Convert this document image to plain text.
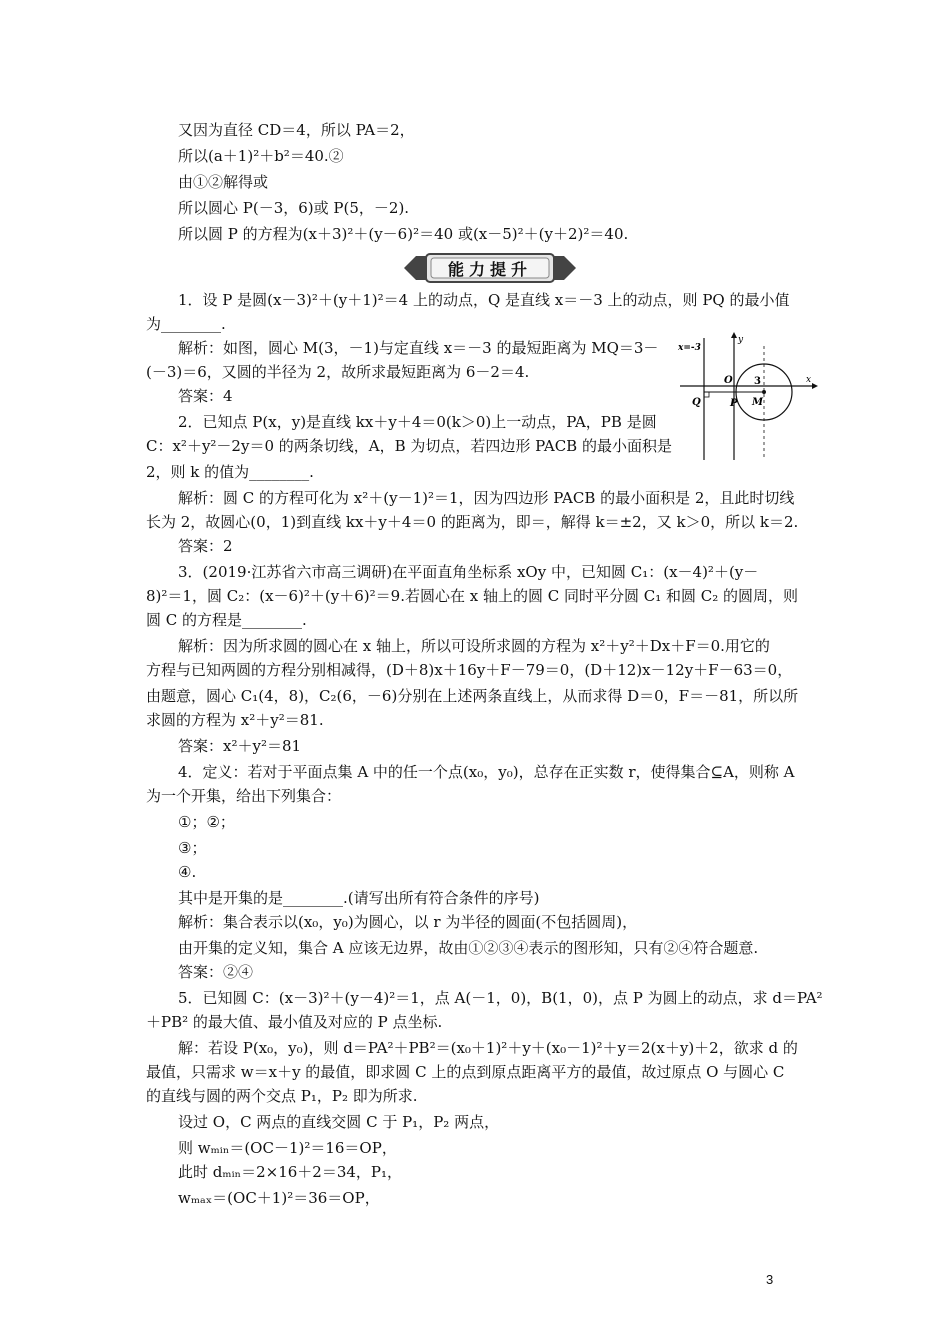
又因为直径 CD＝4，所以 PA＝2，
所以(a＋1)²＋b²＝40.②
由①②解得或
所以圆心 P(－3，6)或 P(5，－2).
所以圆 P 的方程为(x＋3)²＋(y－6)²＝40 或(x－5)²＋(y＋2)²＝40.
能力提升
1．设 P 是圆(x－3)²＋(y＋1)²＝4 上的动点，Q 是直线 x＝－3 上的动点，则 PQ 的最小值
为________.
解析：如图，圆心 M(3，－1)与定直线 x＝－3 的最短距离为 MQ＝3－
(－3)＝6，又圆的半径为 2，故所求最短距离为 6－2＝4.
答案：4
2．已知点 P(x，y)是直线 kx＋y＋4＝0(k＞0)上一动点，PA，PB 是圆
C：x²＋y²－2y＝0 的两条切线，A，B 为切点，若四边形 PACB 的最小面积是
2，则 k 的值为________.
x=-3
y
x
O
Q	P M
3
解析：圆 C 的方程可化为 x²＋(y－1)²＝1，因为四边形 PACB 的最小面积是 2，且此时切线
长为 2，故圆心(0，1)到直线 kx＋y＋4＝0 的距离为，即＝，解得 k＝±2，又 k＞0，所以 k＝2.
答案：2
3．(2019·江苏省六市高三调研)在平面直角坐标系 xOy 中，已知圆 C₁：(x－4)²＋(y－
8)²＝1，圆 C₂：(x－6)²＋(y＋6)²＝9.若圆心在 x 轴上的圆 C 同时平分圆 C₁ 和圆 C₂ 的圆周，则
圆 C 的方程是________.
解析：因为所求圆的圆心在 x 轴上，所以可设所求圆的方程为 x²＋y²＋Dx＋F＝0.用它的
方程与已知两圆的方程分别相减得，(D＋8)x＋16y＋F－79＝0，(D＋12)x－12y＋F－63＝0，
由题意，圆心 C₁(4，8)，C₂(6，－6)分别在上述两条直线上，从而求得 D＝0，F＝－81，所以所
求圆的方程为 x²＋y²＝81.
答案：x²＋y²＝81
4．定义：若对于平面点集 A 中的任一个点(x₀，y₀)，总存在正实数 r，使得集合⊆A，则称 A
为一个开集，给出下列集合：
①；②；
③；
④.
其中是开集的是________.(请写出所有符合条件的序号)
解析：集合表示以(x₀，y₀)为圆心，以 r 为半径的圆面(不包括圆周)，
由开集的定义知，集合 A 应该无边界，故由①②③④表示的图形知，只有②④符合题意.
答案：②④
5．已知圆 C：(x－3)²＋(y－4)²＝1，点 A(－1，0)，B(1，0)，点 P 为圆上的动点，求 d＝PA²
＋PB² 的最大值、最小值及对应的 P 点坐标.
解：若设 P(x₀，y₀)，则 d＝PA²＋PB²＝(x₀＋1)²＋y＋(x₀－1)²＋y＝2(x＋y)＋2，欲求 d 的
最值，只需求 w＝x＋y 的最值，即求圆 C 上的点到原点距离平方的最值，故过原点 O 与圆心 C
的直线与圆的两个交点 P₁，P₂ 即为所求.
设过 O，C 两点的直线交圆 C 于 P₁，P₂ 两点，
则 wₘᵢₙ＝(OC－1)²＝16＝OP，
此时 dₘᵢₙ＝2×16＋2＝34，P₁，
wₘₐₓ＝(OC＋1)²＝36＝OP，
3
